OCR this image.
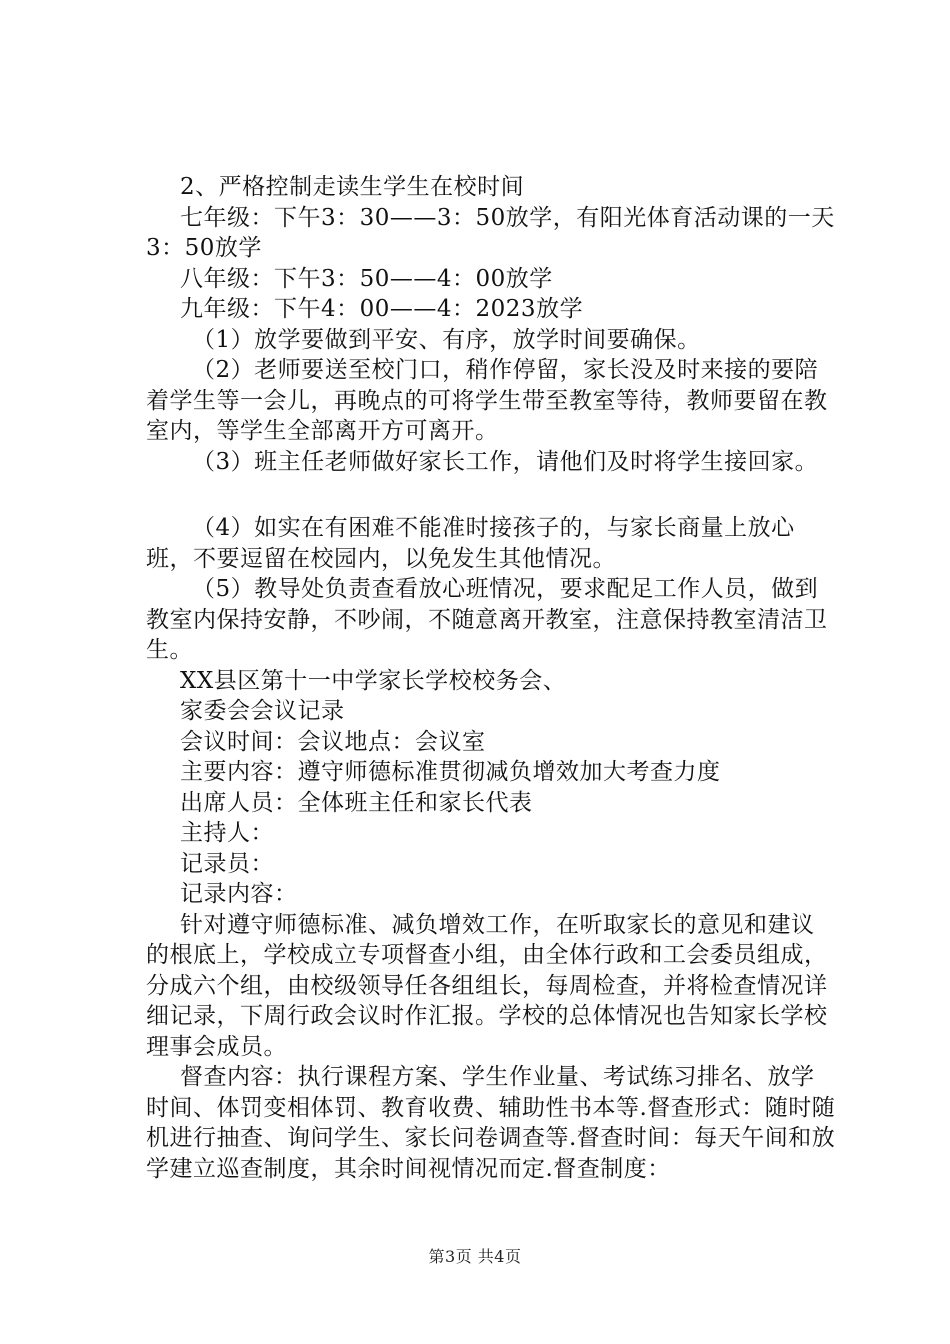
2、严格控制走读生学生在校时间

七年级：下午3：30——3：50放学，有阳光体育活动课的一天3：50放学

八年级：下午3：50——4：00放学

九年级：下午4：00——4：2023放学

（1）放学要做到平安、有序，放学时间要确保。

（2）老师要送至校门口，稍作停留，家长没及时来接的要陪着学生等一会儿，再晚点的可将学生带至教室等待，教师要留在教室内，等学生全部离开方可离开。

（3）班主任老师做好家长工作，请他们及时将学生接回家。

（4）如实在有困难不能准时接孩子的，与家长商量上放心班，不要逗留在校园内，以免发生其他情况。

（5）教导处负责查看放心班情况，要求配足工作人员，做到教室内保持安静，不吵闹，不随意离开教室，注意保持教室清洁卫生。

XX县区第十一中学家长学校校务会、

家委会会议记录

会议时间：会议地点：会议室

主要内容：遵守师德标准贯彻减负增效加大考查力度

出席人员：全体班主任和家长代表

主持人：

记录员：

记录内容：

针对遵守师德标准、减负增效工作，在听取家长的意见和建议的根底上，学校成立专项督查小组，由全体行政和工会委员组成，分成六个组，由校级领导任各组组长，每周检查，并将检查情况详细记录，下周行政会议时作汇报。学校的总体情况也告知家长学校理事会成员。

督查内容：执行课程方案、学生作业量、考试练习排名、放学时间、体罚变相体罚、教育收费、辅助性书本等.督查形式：随时随机进行抽查、询问学生、家长问卷调查等.督查时间：每天午间和放学建立巡查制度，其余时间视情况而定.督查制度：

第3页 共4页
